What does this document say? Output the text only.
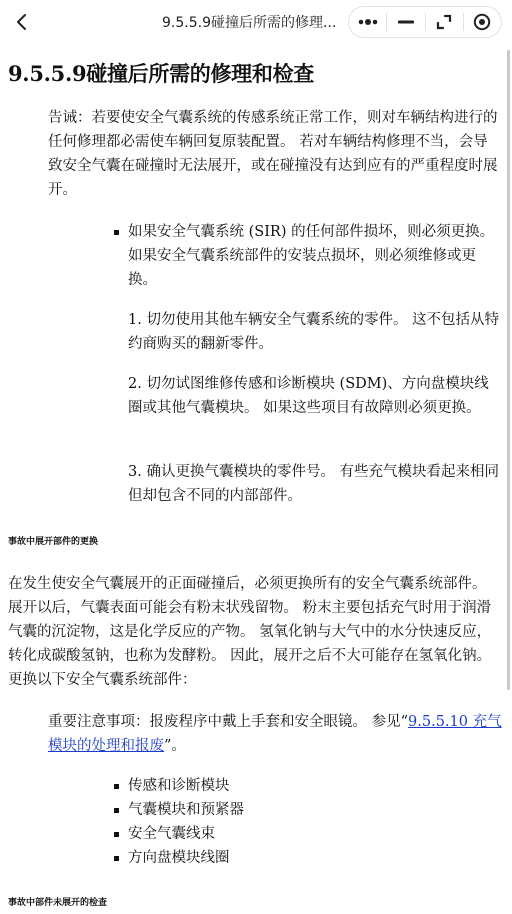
9.5.5.9碰撞后所需的修理...
9.5.5.9碰撞后所需的修理和检查

告诫：若要使安全气囊系统的传感系统正常工作，则对车辆结构进行的任何修理都必需使车辆回复原装配置。 若对车辆结构修理不当，会导致安全气囊在碰撞时无法展开，或在碰撞没有达到应有的严重程度时展开。

如果安全气囊系统 (SIR) 的任何部件损坏，则必须更换。 如果安全气囊系统部件的安装点损坏，则必须维修或更换。

1. 切勿使用其他车辆安全气囊系统的零件。 这不包括从特约商购买的翻新零件。

2. 切勿试图维修传感和诊断模块 (SDM)、方向盘模块线圈或其他气囊模块。 如果这些项目有故障则必须更换。

3. 确认更换气囊模块的零件号。 有些充气模块看起来相同但却包含不同的内部部件。

事故中展开部件的更换

在发生使安全气囊展开的正面碰撞后，必须更换所有的安全气囊系统部件。 展开以后，气囊表面可能会有粉末状残留物。 粉末主要包括充气时用于润滑气囊的沉淀物，这是化学反应的产物。 氢氧化钠与大气中的水分快速反应，转化成碳酸氢钠，也称为发酵粉。 因此，展开之后不大可能存在氢氧化钠。 更换以下安全气囊系统部件：

重要注意事项：报废程序中戴上手套和安全眼镜。 参见“9.5.5.10 充气模块的处理和报废”。

传感和诊断模块
气囊模块和预紧器
安全气囊线束
方向盘模块线圈
事故中部件未展开的检查
